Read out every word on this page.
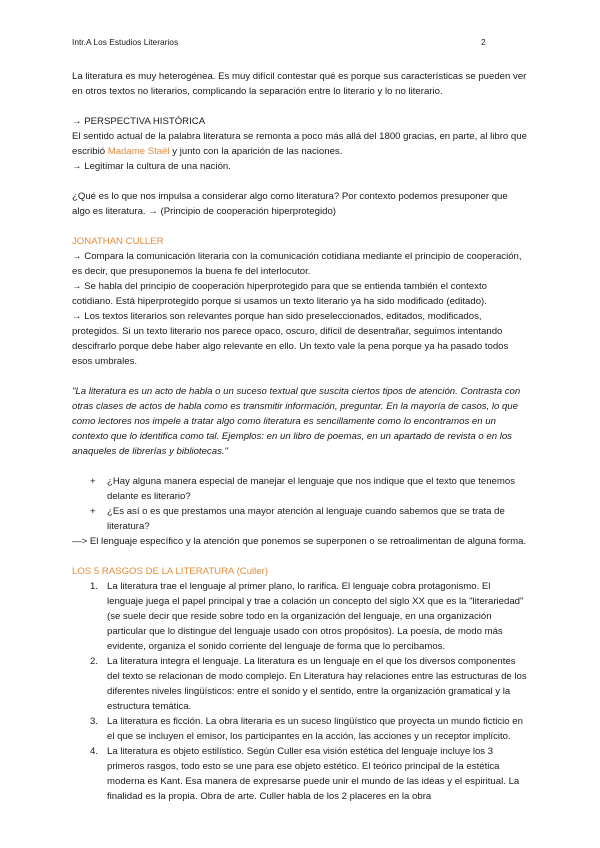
Intr.A Los Estudios Literarios	2

La literatura es muy heterogénea. Es muy difícil contestar qué es porque sus características se pueden ver en otros textos no literarios, complicando la separación entre lo literario y lo no literario.

→ PERSPECTIVA HISTÓRICA

El sentido actual de la palabra literatura se remonta a poco más allá del 1800 gracias, en parte, al libro que escribió Madame Staël y junto con la aparición de las naciones.

→ Legitimar la cultura de una nación.

¿Qué es lo que nos impulsa a considerar algo como literatura? Por contexto podemos presuponer que algo es literatura. → (Principio de cooperación hiperprotegido)

JONATHAN CULLER

→ Compara la comunicación literaria con la comunicación cotidiana mediante el principio de cooperación, es decir, que presuponemos la buena fe del interlocutor.

→ Se habla del principio de cooperación hiperprotegido para que se entienda también el contexto cotidiano. Está hiperprotegido porque si usamos un texto literario ya ha sido modificado (editado).

→ Los textos literarios son relevantes porque han sido preseleccionados, editados, modificados, protegidos. Si un texto literario nos parece opaco, oscuro, difícil de desentrañar, seguimos intentando descifrarlo porque debe haber algo relevante en ello. Un texto vale la pena porque ya ha pasado todos esos umbrales.

"La literatura es un acto de habla o un suceso textual que suscita ciertos tipos de atención. Contrasta con otras clases de actos de habla como es transmitir información, preguntar. En la mayoría de casos, lo que como lectores nos impele a tratar algo como literatura es sencillamente como lo encontramos en un contexto que lo identifica como tal. Ejemplos: en un libro de poemas, en un apartado de revista o en los anaqueles de librerías y bibliotecas."

+ ¿Hay alguna manera especial de manejar el lenguaje que nos indique que el texto que tenemos delante es literario?
+ ¿Es así o es que prestamos una mayor atención al lenguaje cuando sabemos que se trata de literatura?

—> El lenguaje específico y la atención que ponemos se superponen o se retroalimentan de alguna forma.

LOS 5 RASGOS DE LA LITERATURA (Culler)

1. La literatura trae el lenguaje al primer plano, lo rarifica. El lenguaje cobra protagonismo. El lenguaje juega el papel principal y trae a colación un concepto del siglo XX que es la "literariedad" (se suele decir que reside sobre todo en la organización del lenguaje, en una organización particular que lo distingue del lenguaje usado con otros propósitos). La poesía, de modo más evidente, organiza el sonido corriente del lenguaje de forma que lo percibamos.
2. La literatura integra el lenguaje. La literatura es un lenguaje en el que los diversos componentes del texto se relacionan de modo complejo. En Literatura hay relaciones entre las estructuras de los diferentes niveles lingüísticos: entre el sonido y el sentido, entre la organización gramatical y la estructura temática.
3. La literatura es ficción. La obra literaria es un suceso lingüístico que proyecta un mundo ficticio en el que se incluyen el emisor, los participantes en la acción, las acciones y un receptor implícito.
4. La literatura es objeto estilístico. Según Culler esa visión estética del lenguaje incluye los 3 primeros rasgos, todo esto se une para ese objeto estético. El teórico principal de la estética moderna es Kant. Esa manera de expresarse puede unir el mundo de las ideas y el espiritual. La finalidad es la propia. Obra de arte. Culler habla de los 2 placeres en la obra
